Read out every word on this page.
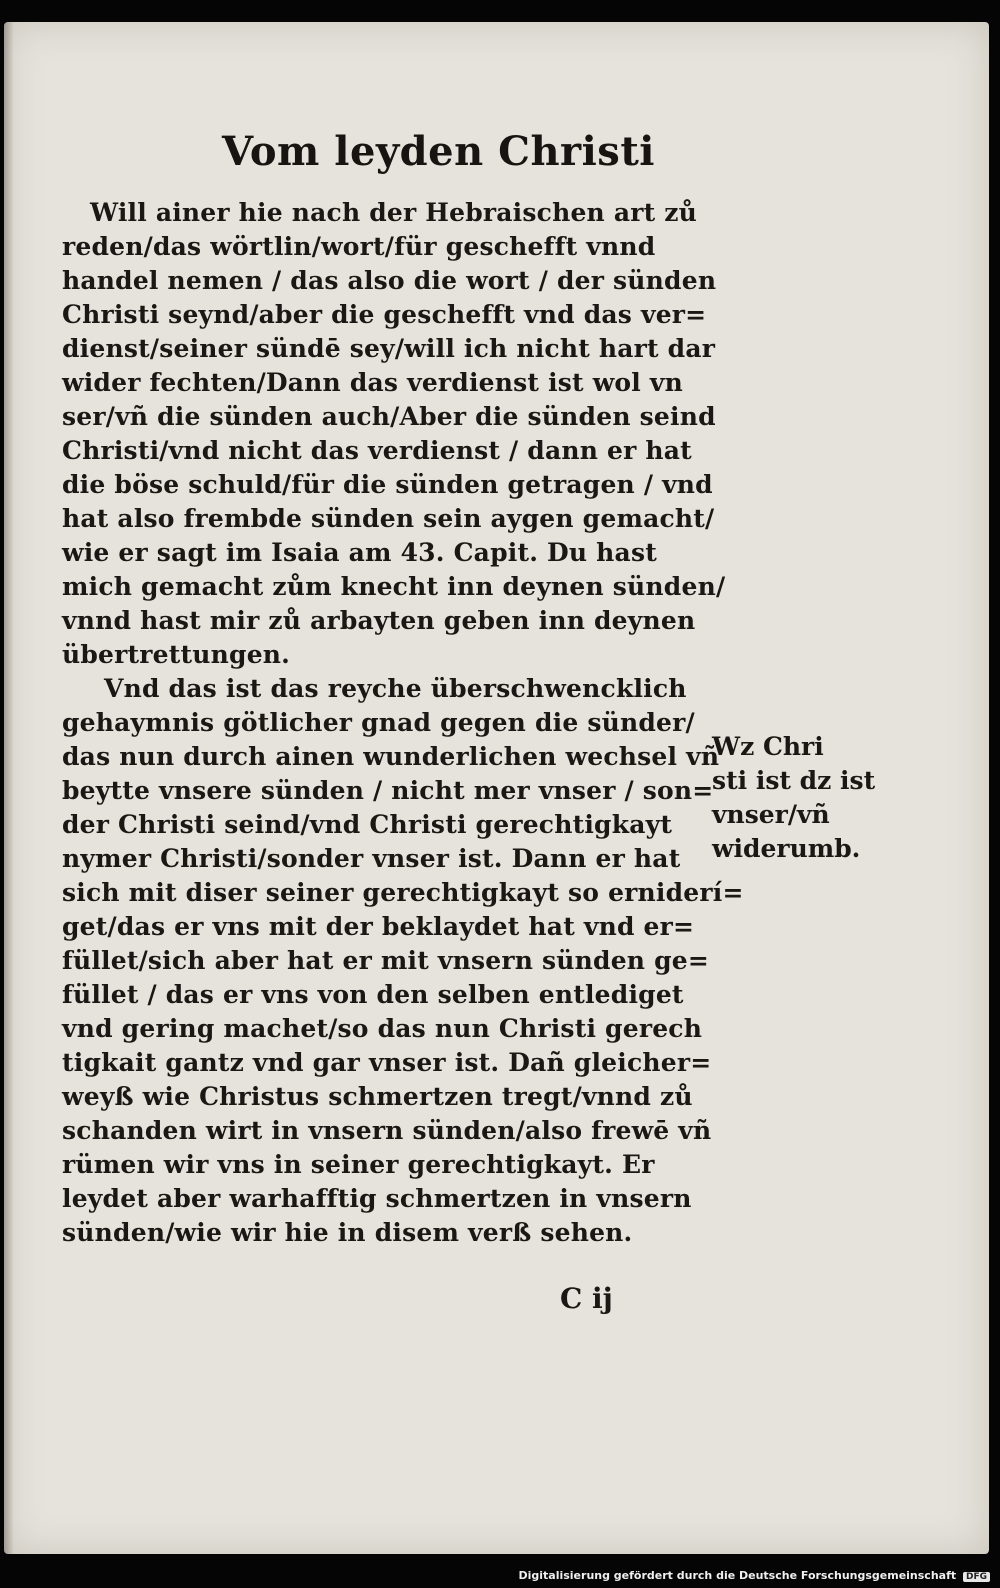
Vom leyden Christi
Will ainer hie nach der Hebraischen art zů
reden/das wörtlin/wort/für geschefft vnnd
handel nemen / das also die wort / der sünden
Christi seynd/aber die geschefft vnd das ver=
dienst/seiner sündē sey/will ich nicht hart dar
wider fechten/Dann das verdienst ist wol vn
ser/vñ die sünden auch/Aber die sünden seind
Christi/vnd nicht das verdienst / dann er hat
die böse schuld/für die sünden getragen / vnd
hat also frembde sünden sein aygen gemacht/
wie er sagt im Isaia am 43. Capit. Du hast
mich gemacht zům knecht inn deynen sünden/
vnnd hast mir zů arbayten geben inn deynen
übertrettungen.
Vnd das ist das reyche überschwencklich
gehaymnis götlicher gnad gegen die sünder/
das nun durch ainen wunderlichen wechsel vñ
beytte vnsere sünden / nicht mer vnser / son=
der Christi seind/vnd Christi gerechtigkayt
nymer Christi/sonder vnser ist. Dann er hat
sich mit diser seiner gerechtigkayt so erniderí=
get/das er vns mit der beklaydet hat vnd er=
füllet/sich aber hat er mit vnsern sünden ge=
füllet / das er vns von den selben entlediget
vnd gering machet/so das nun Christi gerech
tigkait gantz vnd gar vnser ist. Dañ gleicher=
weyß wie Christus schmertzen tregt/vnnd zů
schanden wirt in vnsern sünden/also frewē vñ
rümen wir vns in seiner gerechtigkayt. Er
leydet aber warhafftig schmertzen in vnsern
sünden/wie wir hie in disem verß sehen.
Wz Chri
sti ist dz ist
vnser/vñ
widerumb.
C ij
Digitalisierung gefördert durch die Deutsche Forschungsgemeinschaft DFG
